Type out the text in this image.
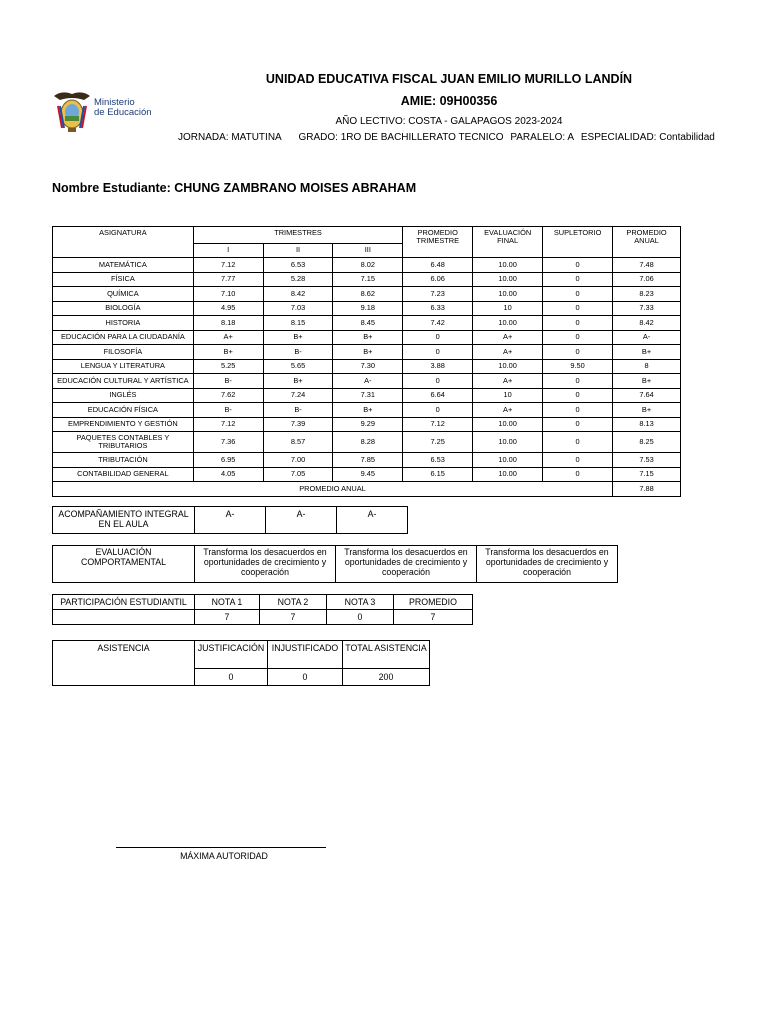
Ministerio
de Educación
UNIDAD EDUCATIVA FISCAL JUAN EMILIO MURILLO LANDÍN
AMIE: 09H00356
AÑO LECTIVO: COSTA - GALAPAGOS 2023-2024
JORNADA: MATUTINA GRADO: 1RO DE BACHILLERATO TECNICO PARALELO: A ESPECIALIDAD: Contabilidad
Nombre Estudiante: CHUNG ZAMBRANO MOISES ABRAHAM
ASIGNATURA	TRIMESTRES			PROMEDIO TRIMESTRE	EVALUACIÓN FINAL	SUPLETORIO	PROMEDIO ANUAL
	I	II	III				
MATEMÁTICA	7.12	6.53	8.02	6.48	10.00	0	7.48
FÍSICA	7.77	5.28	7.15	6.06	10.00	0	7.06
QUÍMICA	7.10	8.42	8.62	7.23	10.00	0	8.23
BIOLOGÍA	4.95	7.03	9.18	6.33	10	0	7.33
HISTORIA	8.18	8.15	8.45	7.42	10.00	0	8.42
EDUCACIÓN PARA LA CIUDADANÍA	A+	B+	B+	0	A+	0	A-
FILOSOFÍA	B+	B-	B+	0	A+	0	B+
LENGUA Y LITERATURA	5.25	5.65	7.30	3.88	10.00	9.50	8
EDUCACIÓN CULTURAL Y ARTÍSTICA	B-	B+	A-	0	A+	0	B+
INGLÉS	7.62	7.24	7.31	6.64	10	0	7.64
EDUCACIÓN FÍSICA	B-	B-	B+	0	A+	0	B+
EMPRENDIMIENTO Y GESTIÓN	7.12	7.39	9.29	7.12	10.00	0	8.13
PAQUETES CONTABLES Y TRIBUTARIOS	7.36	8.57	8.28	7.25	10.00	0	8.25
TRIBUTACIÓN	6.95	7.00	7.85	6.53	10.00	0	7.53
CONTABILIDAD GENERAL	4.05	7.05	9.45	6.15	10.00	0	7.15
PROMEDIO ANUAL							7.88
ACOMPAÑAMIENTO INTEGRAL EN EL AULA	A-	A-	A-
EVALUACIÓN COMPORTAMENTAL	Transforma los desacuerdos en oportunidades de crecimiento y cooperación	Transforma los desacuerdos en oportunidades de crecimiento y cooperación	Transforma los desacuerdos en oportunidades de crecimiento y cooperación
PARTICIPACIÓN ESTUDIANTIL	NOTA 1	NOTA 2	NOTA 3	PROMEDIO
	7	7	0	7
ASISTENCIA	JUSTIFICACIÓN	INJUSTIFICADO	TOTAL ASISTENCIA
	0	0	200
MÁXIMA AUTORIDAD
